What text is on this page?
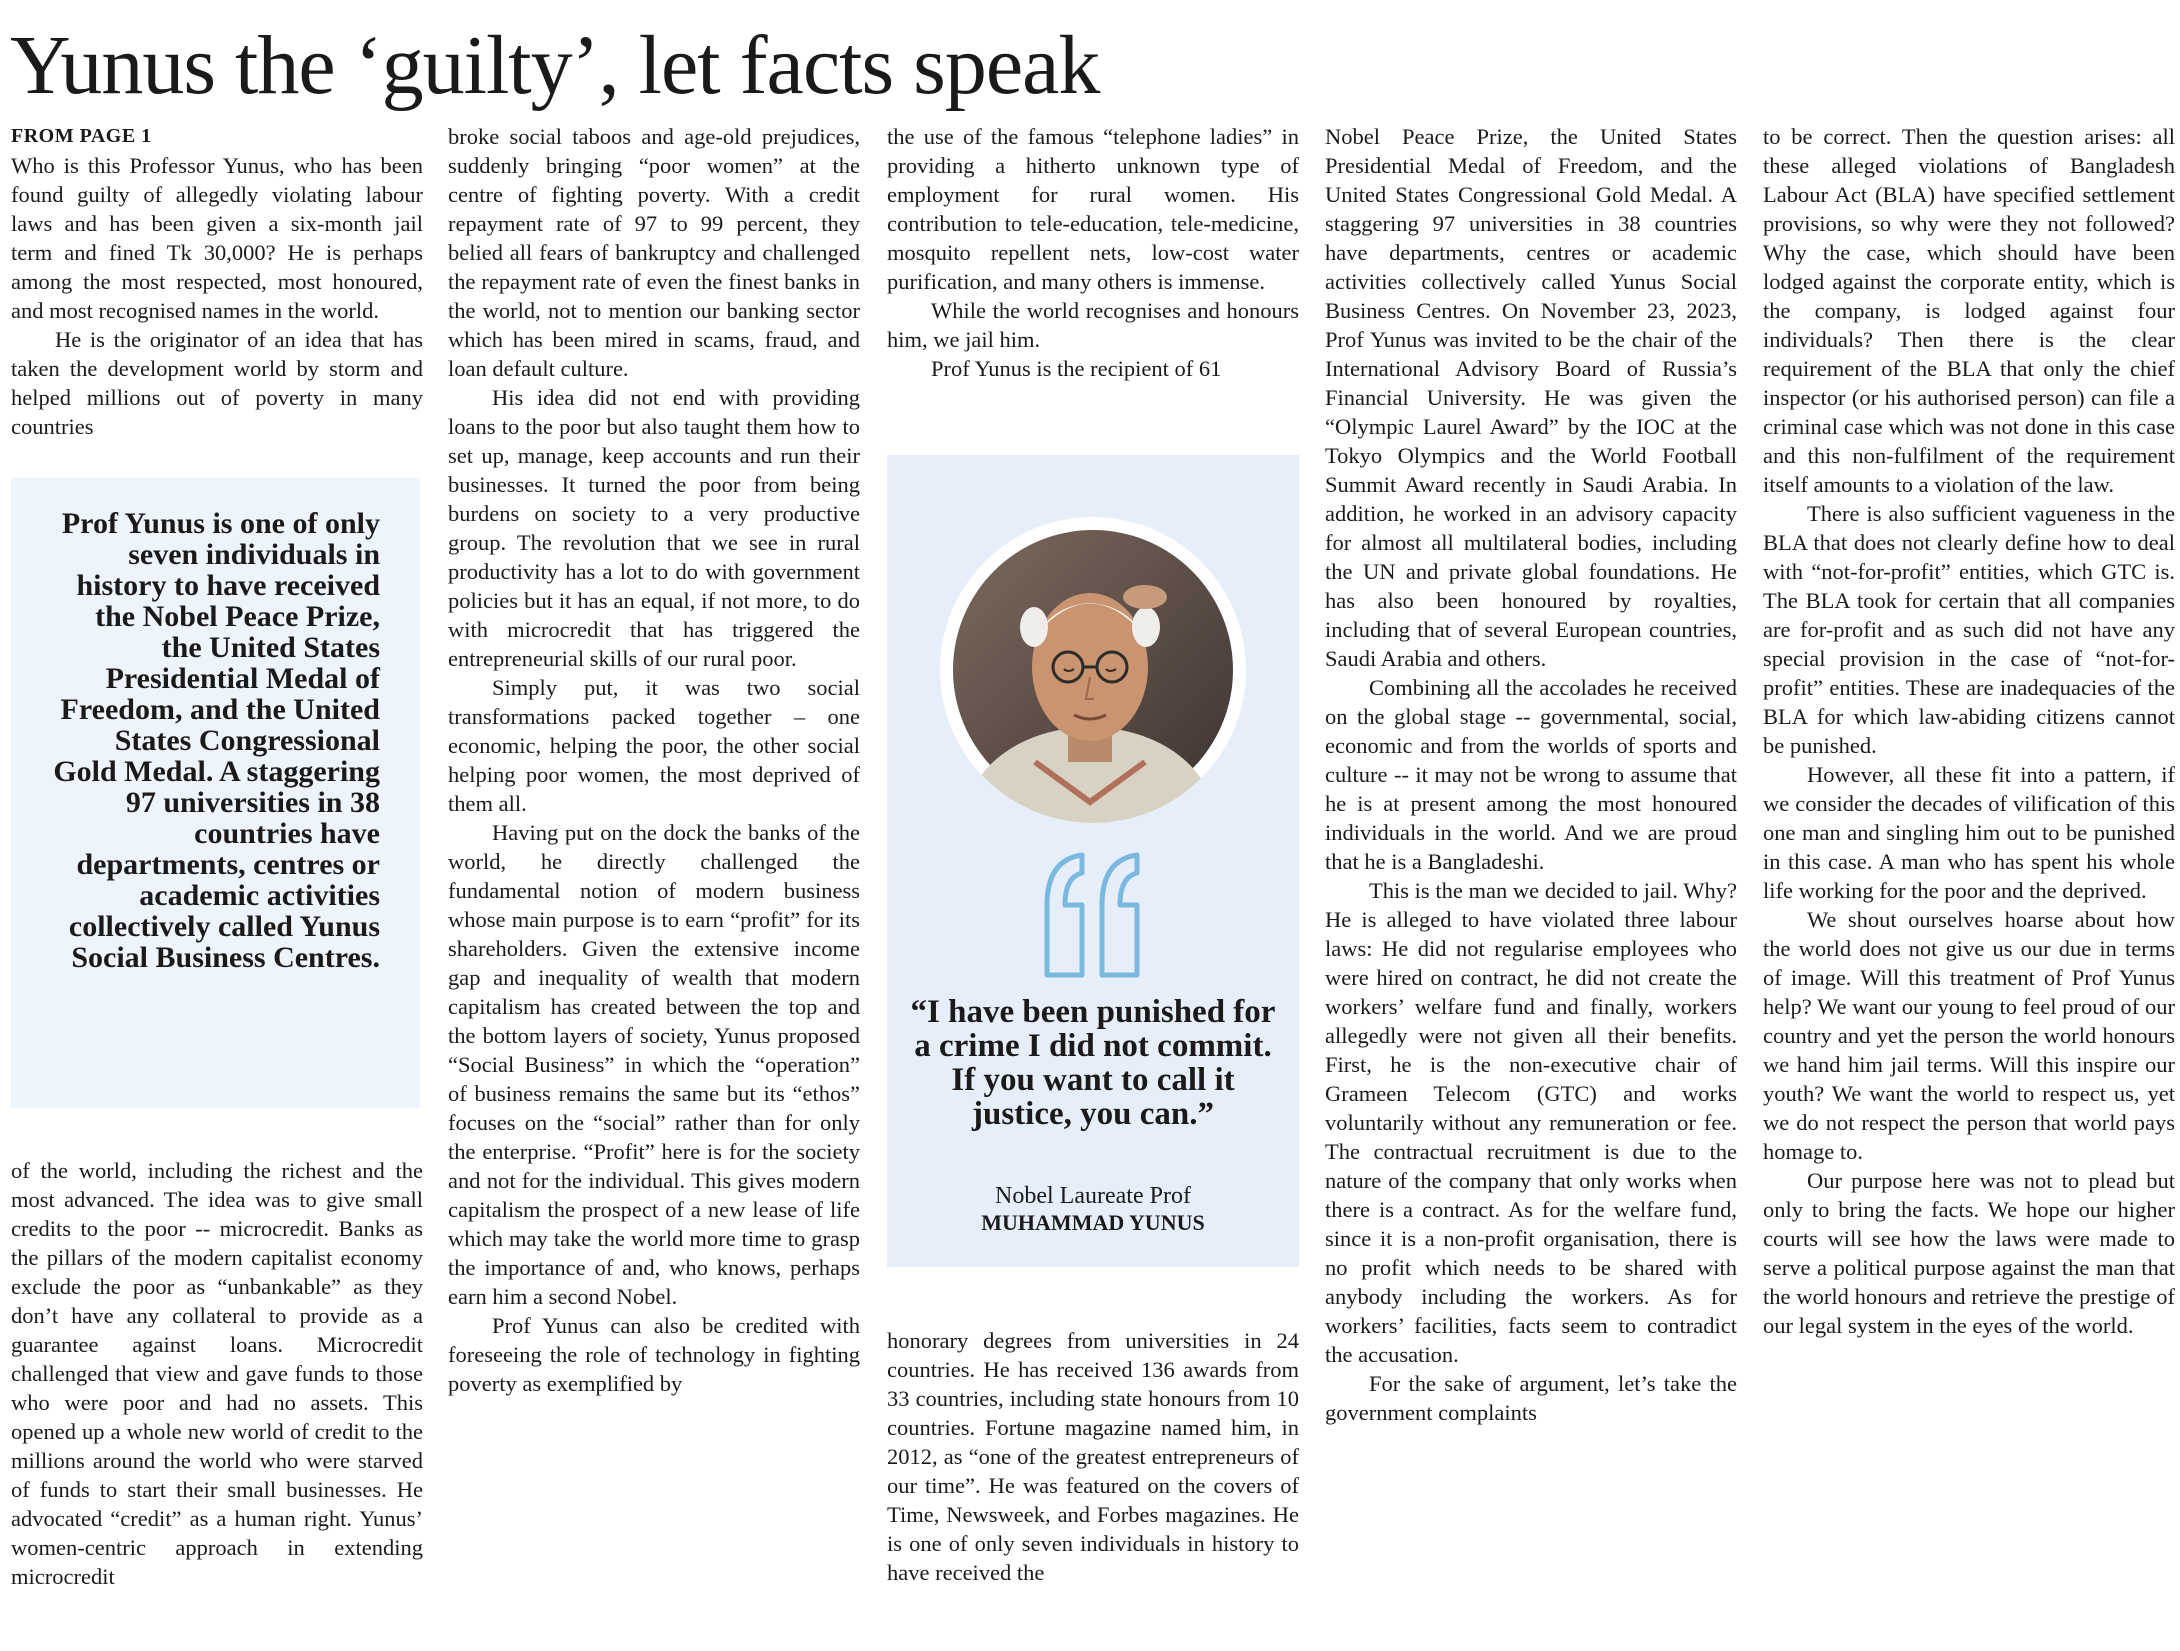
Yunus the ‘guilty’, let facts speak

FROM PAGE 1

Who is this Professor Yunus, who has been found guilty of allegedly violating labour laws and has been given a six-month jail term and fined Tk 30,000? He is perhaps among the most respected, most honoured, and most recognised names in the world.

He is the originator of an idea that has taken the development world by storm and helped millions out of poverty in many countries

Prof Yunus is one of only seven individuals in history to have received the Nobel Peace Prize, the United States Presidential Medal of Freedom, and the United States Congressional Gold Medal. A staggering 97 universities in 38 countries have departments, centres or academic activities collectively called Yunus Social Business Centres.

of the world, including the richest and the most advanced. The idea was to give small credits to the poor -- microcredit. Banks as the pillars of the modern capitalist economy exclude the poor as “unbankable” as they don’t have any collateral to provide as a guarantee against loans. Microcredit challenged that view and gave funds to those who were poor and had no assets. This opened up a whole new world of credit to the millions around the world who were starved of funds to start their small businesses. He advocated “credit” as a human right. Yunus’ women-centric approach in extending microcredit

broke social taboos and age-old prejudices, suddenly bringing “poor women” at the centre of fighting poverty. With a credit repayment rate of 97 to 99 percent, they belied all fears of bankruptcy and challenged the repayment rate of even the finest banks in the world, not to mention our banking sector which has been mired in scams, fraud, and loan default culture.

His idea did not end with providing loans to the poor but also taught them how to set up, manage, keep accounts and run their businesses. It turned the poor from being burdens on society to a very productive group. The revolution that we see in rural productivity has a lot to do with government policies but it has an equal, if not more, to do with microcredit that has triggered the entrepreneurial skills of our rural poor.

Simply put, it was two social transformations packed together – one economic, helping the poor, the other social helping poor women, the most deprived of them all.

Having put on the dock the banks of the world, he directly challenged the fundamental notion of modern business whose main purpose is to earn “profit” for its shareholders. Given the extensive income gap and inequality of wealth that modern capitalism has created between the top and the bottom layers of society, Yunus proposed “Social Business” in which the “operation” of business remains the same but its “ethos” focuses on the “social” rather than for only the enterprise. “Profit” here is for the society and not for the individual. This gives modern capitalism the prospect of a new lease of life which may take the world more time to grasp the importance of and, who knows, perhaps earn him a second Nobel.

Prof Yunus can also be credited with foreseeing the role of technology in fighting poverty as exemplified by

the use of the famous “telephone ladies” in providing a hitherto unknown type of employment for rural women. His contribution to tele-education, tele-medicine, mosquito repellent nets, low-cost water purification, and many others is immense.

While the world recognises and honours him, we jail him.

Prof Yunus is the recipient of 61

“I have been punished for a crime I did not commit. If you want to call it justice, you can.”
Nobel Laureate Prof
MUHAMMAD YUNUS

honorary degrees from universities in 24 countries. He has received 136 awards from 33 countries, including state honours from 10 countries. Fortune magazine named him, in 2012, as “one of the greatest entrepreneurs of our time”. He was featured on the covers of Time, Newsweek, and Forbes magazines. He is one of only seven individuals in history to have received the

Nobel Peace Prize, the United States Presidential Medal of Freedom, and the United States Congressional Gold Medal. A staggering 97 universities in 38 countries have departments, centres or academic activities collectively called Yunus Social Business Centres. On November 23, 2023, Prof Yunus was invited to be the chair of the International Advisory Board of Russia’s Financial University. He was given the “Olympic Laurel Award” by the IOC at the Tokyo Olympics and the World Football Summit Award recently in Saudi Arabia. In addition, he worked in an advisory capacity for almost all multilateral bodies, including the UN and private global foundations. He has also been honoured by royalties, including that of several European countries, Saudi Arabia and others.

Combining all the accolades he received on the global stage -- governmental, social, economic and from the worlds of sports and culture -- it may not be wrong to assume that he is at present among the most honoured individuals in the world. And we are proud that he is a Bangladeshi.

This is the man we decided to jail. Why? He is alleged to have violated three labour laws: He did not regularise employees who were hired on contract, he did not create the workers’ welfare fund and finally, workers allegedly were not given all their benefits. First, he is the non-executive chair of Grameen Telecom (GTC) and works voluntarily without any remuneration or fee. The contractual recruitment is due to the nature of the company that only works when there is a contract. As for the welfare fund, since it is a non-profit organisation, there is no profit which needs to be shared with anybody including the workers. As for workers’ facilities, facts seem to contradict the accusation.

For the sake of argument, let’s take the government complaints

to be correct. Then the question arises: all these alleged violations of Bangladesh Labour Act (BLA) have specified settlement provisions, so why were they not followed? Why the case, which should have been lodged against the corporate entity, which is the company, is lodged against four individuals? Then there is the clear requirement of the BLA that only the chief inspector (or his authorised person) can file a criminal case which was not done in this case and this non-fulfilment of the requirement itself amounts to a violation of the law.

There is also sufficient vagueness in the BLA that does not clearly define how to deal with “not-for-profit” entities, which GTC is. The BLA took for certain that all companies are for-profit and as such did not have any special provision in the case of “not-for-profit” entities. These are inadequacies of the BLA for which law-abiding citizens cannot be punished.

However, all these fit into a pattern, if we consider the decades of vilification of this one man and singling him out to be punished in this case. A man who has spent his whole life working for the poor and the deprived.

We shout ourselves hoarse about how the world does not give us our due in terms of image. Will this treatment of Prof Yunus help? We want our young to feel proud of our country and yet the person the world honours we hand him jail terms. Will this inspire our youth? We want the world to respect us, yet we do not respect the person that world pays homage to.

Our purpose here was not to plead but only to bring the facts. We hope our higher courts will see how the laws were made to serve a political purpose against the man that the world honours and retrieve the prestige of our legal system in the eyes of the world.
